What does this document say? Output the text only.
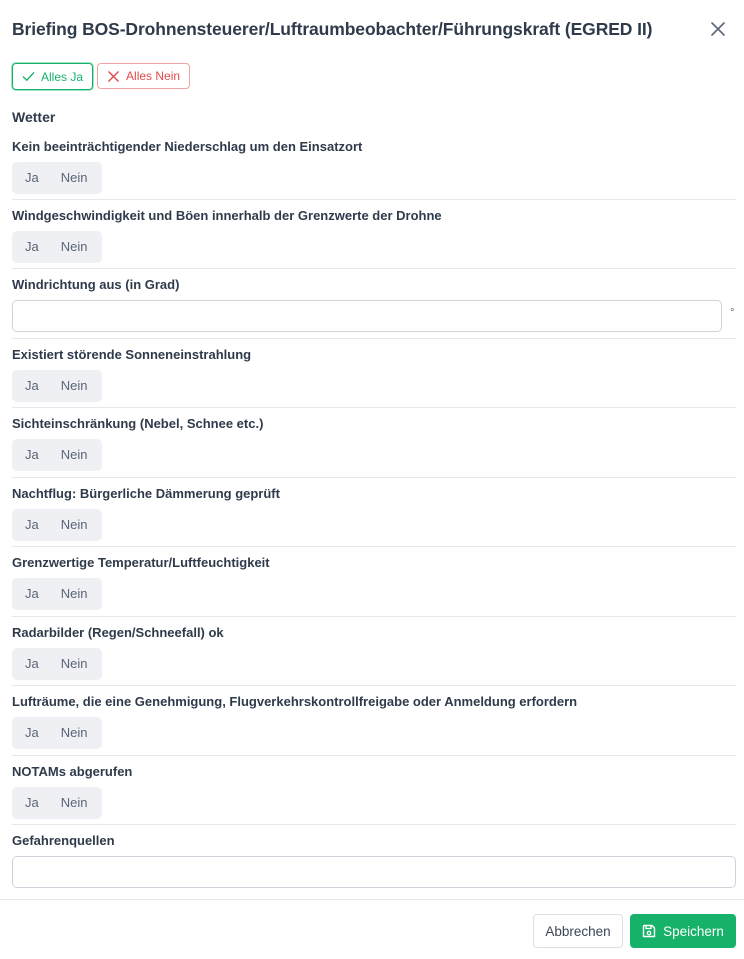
Briefing BOS-Drohnensteuerer/Luftraumbeobachter/Führungskraft (EGRED II)
Alles Ja	Alles Nein
Wetter
Kein beeinträchtigender Niederschlag um den Einsatzort
Ja	Nein
Windgeschwindigkeit und Böen innerhalb der Grenzwerte der Drohne
Ja	Nein
Windrichtung aus (in Grad)
°
Existiert störende Sonneneinstrahlung
Ja	Nein
Sichteinschränkung (Nebel, Schnee etc.)
Ja	Nein
Nachtflug: Bürgerliche Dämmerung geprüft
Ja	Nein
Grenzwertige Temperatur/Luftfeuchtigkeit
Ja	Nein
Radarbilder (Regen/Schneefall) ok
Ja	Nein
Lufträume, die eine Genehmigung, Flugverkehrskontrollfreigabe oder Anmeldung erfordern
Ja	Nein
NOTAMs abgerufen
Ja	Nein
Gefahrenquellen
Abbrechen	Speichern
